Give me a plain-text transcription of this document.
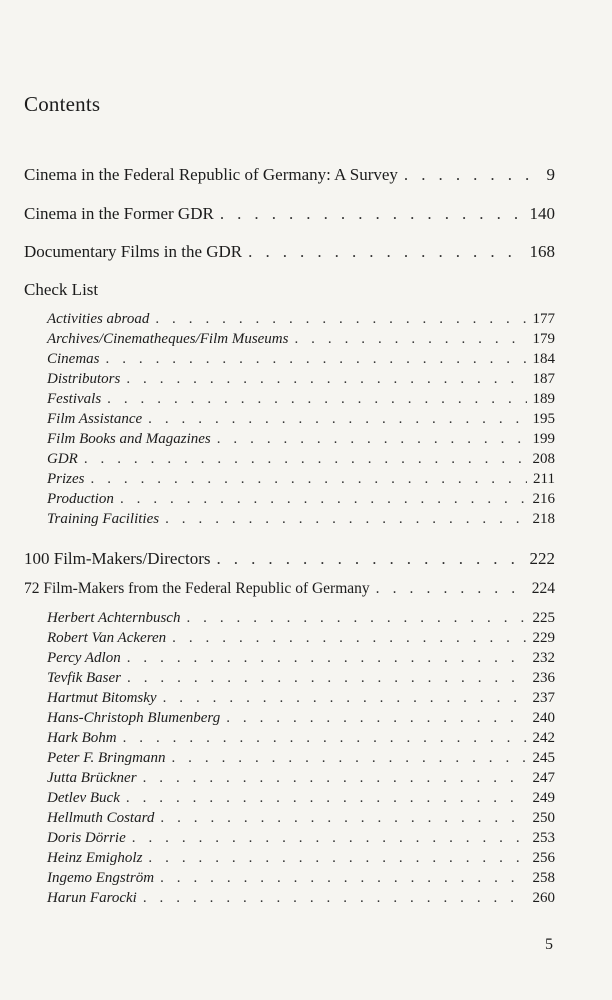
Contents
Cinema in the Federal Republic of Germany: A Survey . . .	9
Cinema in the Former GDR . . .	140
Documentary Films in the GDR . . .	168
Check List
Activities abroad . . .	177
Archives/Cinematheques/Film Museums . . .	179
Cinemas . . .	184
Distributors . . .	187
Festivals . . .	189
Film Assistance . . .	195
Film Books and Magazines . . .	199
GDR . . .	208
Prizes . . .	211
Production . . .	216
Training Facilities . . .	218
100 Film-Makers/Directors . . .	222
72 Film-Makers from the Federal Republic of Germany . . .	224
Herbert Achternbusch . . .	225
Robert Van Ackeren . . .	229
Percy Adlon . . .	232
Tevfik Baser . . .	236
Hartmut Bitomsky . . .	237
Hans-Christoph Blumenberg . . .	240
Hark Bohm . . .	242
Peter F. Bringmann . . .	245
Jutta Brückner . . .	247
Detlev Buck . . .	249
Hellmuth Costard . . .	250
Doris Dörrie . . .	253
Heinz Emigholz . . .	256
Ingemo Engström . . .	258
Harun Farocki . . .	260
5
